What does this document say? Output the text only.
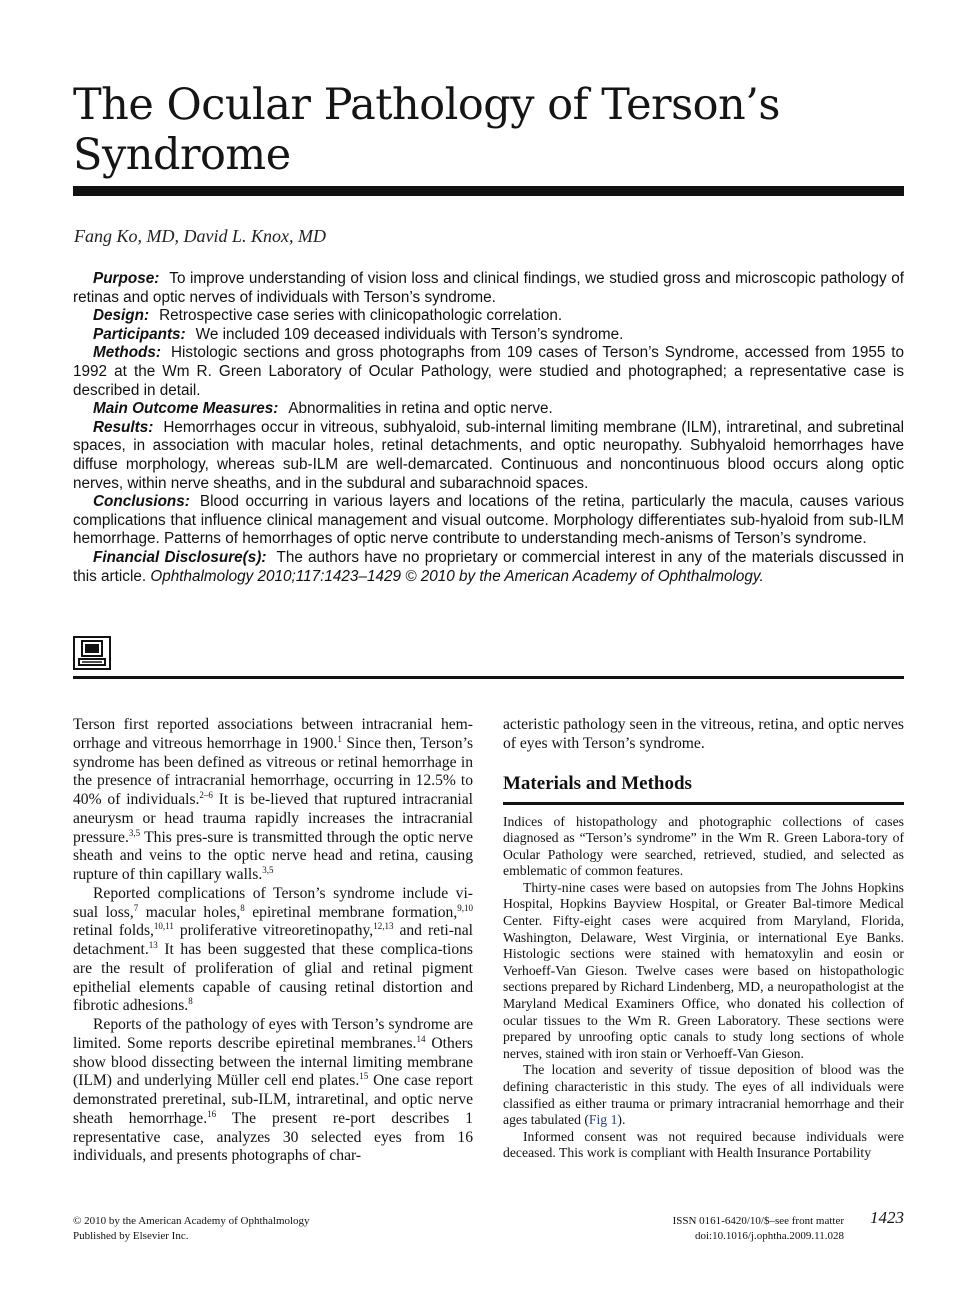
The Ocular Pathology of Terson’s Syndrome
Fang Ko, MD, David L. Knox, MD

Purpose: To improve understanding of vision loss and clinical findings, we studied gross and microscopic pathology of retinas and optic nerves of individuals with Terson’s syndrome.

Design: Retrospective case series with clinicopathologic correlation.

Participants: We included 109 deceased individuals with Terson’s syndrome.

Methods: Histologic sections and gross photographs from 109 cases of Terson’s Syndrome, accessed from 1955 to 1992 at the Wm R. Green Laboratory of Ocular Pathology, were studied and photographed; a representative case is described in detail.

Main Outcome Measures: Abnormalities in retina and optic nerve.

Results: Hemorrhages occur in vitreous, subhyaloid, sub-internal limiting membrane (ILM), intraretinal, and subretinal spaces, in association with macular holes, retinal detachments, and optic neuropathy. Subhyaloid hemorrhages have diffuse morphology, whereas sub-ILM are well-demarcated. Continuous and noncontinuous blood occurs along optic nerves, within nerve sheaths, and in the subdural and subarachnoid spaces.

Conclusions: Blood occurring in various layers and locations of the retina, particularly the macula, causes various complications that influence clinical management and visual outcome. Morphology differentiates sub-hyaloid from sub-ILM hemorrhage. Patterns of hemorrhages of optic nerve contribute to understanding mech-anisms of Terson’s syndrome.

Financial Disclosure(s): The authors have no proprietary or commercial interest in any of the materials discussed in this article. Ophthalmology 2010;117:1423–1429 © 2010 by the American Academy of Ophthalmology.

Terson first reported associations between intracranial hem-orrhage and vitreous hemorrhage in 1900.$^1$ Since then, Terson’s syndrome has been defined as vitreous or retinal hemorrhage in the presence of intracranial hemorrhage, occurring in 12.5% to 40% of individuals.$^{2-6}$ It is be-lieved that ruptured intracranial aneurysm or head trauma rapidly increases the intracranial pressure.$^{3,5}$ This pres-sure is transmitted through the optic nerve sheath and veins to the optic nerve head and retina, causing rupture of thin capillary walls.$^{3,5}$

Reported complications of Terson’s syndrome include vi-sual loss,$^7$ macular holes,$^8$ epiretinal membrane formation,$^{9,10}$ retinal folds,$^{10,11}$ proliferative vitreoretinopathy,$^{12,13}$ and reti-nal detachment.$^{13}$ It has been suggested that these complica-tions are the result of proliferation of glial and retinal pigment epithelial elements capable of causing retinal distortion and fibrotic adhesions.$^8$

Reports of the pathology of eyes with Terson’s syndrome are limited. Some reports describe epiretinal membranes.$^{14}$ Others show blood dissecting between the internal limiting membrane (ILM) and underlying Müller cell end plates.$^{15}$ One case report demonstrated preretinal, sub-ILM, intraretinal, and optic nerve sheath hemorrhage.$^{16}$ The present re-port describes 1 representative case, analyzes 30 selected eyes from 16 individuals, and presents photographs of char-

acteristic pathology seen in the vitreous, retina, and optic nerves of eyes with Terson’s syndrome.

Materials and Methods

Indices of histopathology and photographic collections of cases diagnosed as “Terson’s syndrome” in the Wm R. Green Labora-tory of Ocular Pathology were searched, retrieved, studied, and selected as emblematic of common features.

Thirty-nine cases were based on autopsies from The Johns Hopkins Hospital, Hopkins Bayview Hospital, or Greater Bal-timore Medical Center. Fifty-eight cases were acquired from Maryland, Florida, Washington, Delaware, West Virginia, or international Eye Banks. Histologic sections were stained with hematoxylin and eosin or Verhoeff-Van Gieson. Twelve cases were based on histopathologic sections prepared by Richard Lindenberg, MD, a neuropathologist at the Maryland Medical Examiners Office, who donated his collection of ocular tissues to the Wm R. Green Laboratory. These sections were prepared by unroofing optic canals to study long sections of whole nerves, stained with iron stain or Verhoeff-Van Gieson.

The location and severity of tissue deposition of blood was the defining characteristic in this study. The eyes of all individuals were classified as either trauma or primary intracranial hemorrhage and their ages tabulated (Fig 1).

Informed consent was not required because individuals were deceased. This work is compliant with Health Insurance Portability

© 2010 by the American Academy of Ophthalmology
Published by Elsevier Inc.
ISSN 0161-6420/10/$–see front matter
doi:10.1016/j.ophtha.2009.11.028
1423
